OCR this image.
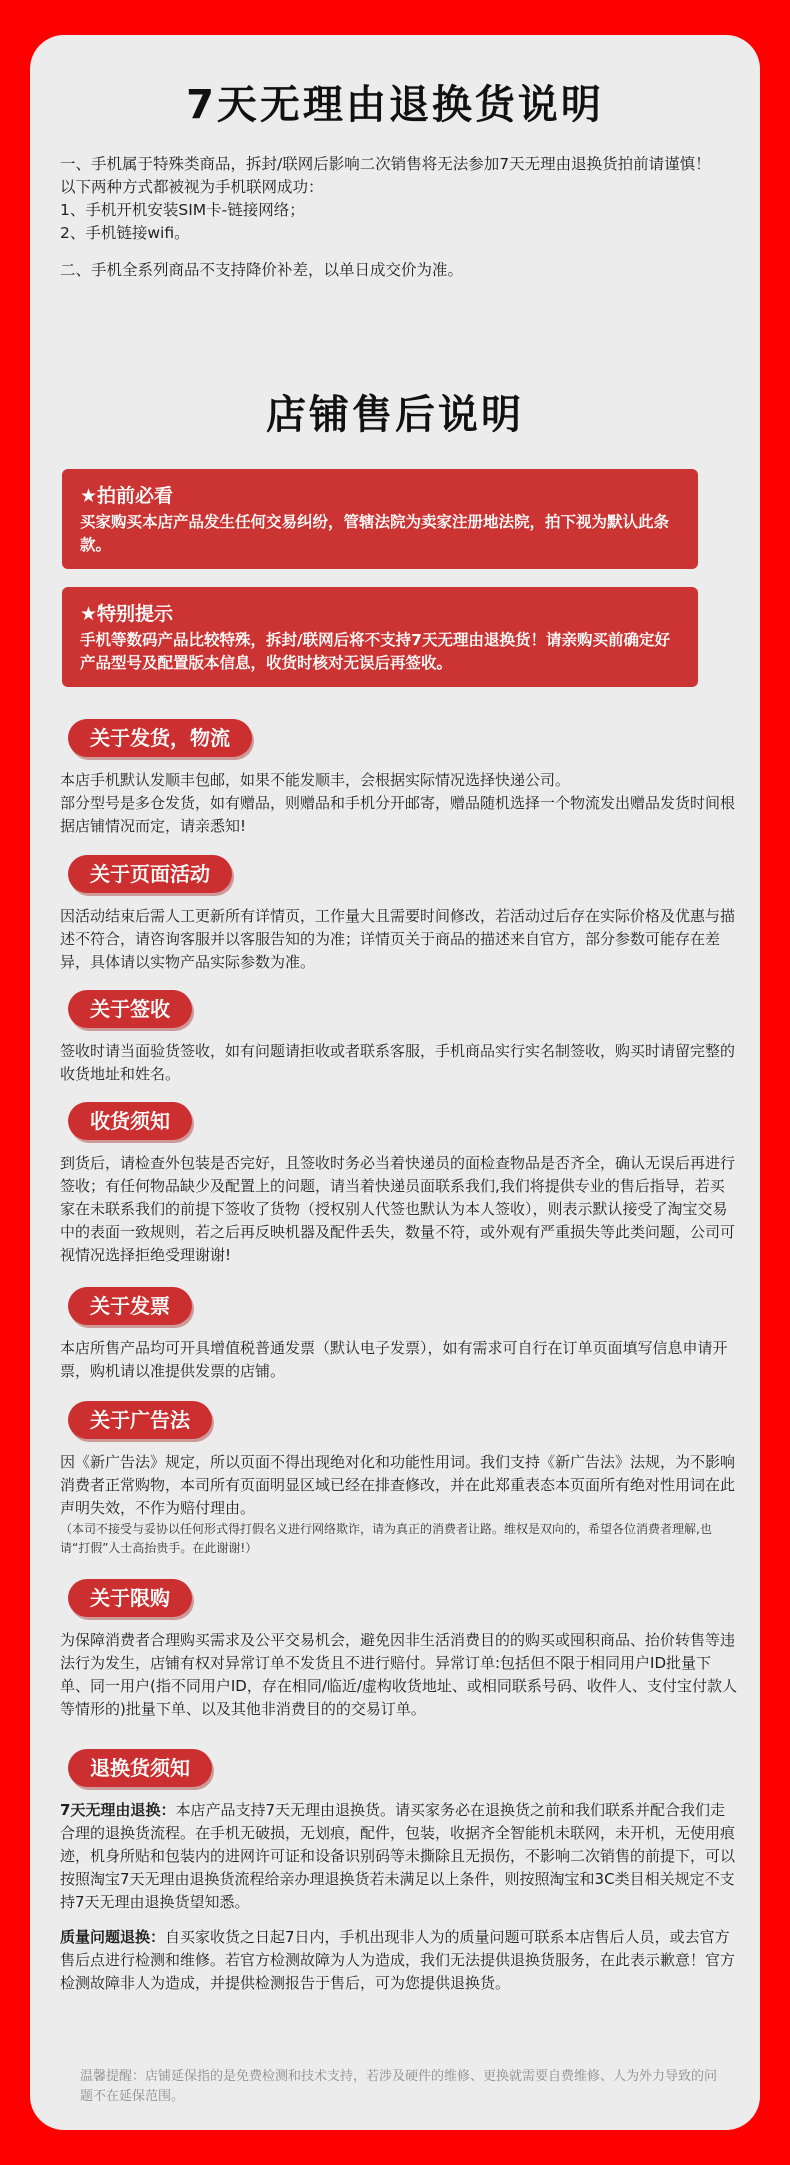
7天无理由退换货说明

一、手机属于特殊类商品，拆封/联网后影响二次销售将无法参加7天无理由退换货拍前请谨慎！

以下两种方式都被视为手机联网成功：

1、手机开机安装SIM卡-链接网络；

2、手机链接wifi。

二、手机全系列商品不支持降价补差，以单日成交价为准。

店铺售后说明
★拍前必看

买家购买本店产品发生任何交易纠纷，管辖法院为卖家注册地法院，拍下视为默认此条款。

★特别提示

手机等数码产品比较特殊，拆封/联网后将不支持7天无理由退换货！请亲购买前确定好产品型号及配置版本信息，收货时核对无误后再签收。

关于发货，物流

本店手机默认发顺丰包邮，如果不能发顺丰，会根据实际情况选择快递公司。

部分型号是多仓发货，如有赠品，则赠品和手机分开邮寄，赠品随机选择一个物流发出赠品发货时间根据店铺情况而定，请亲悉知!

关于页面活动

因活动结束后需人工更新所有详情页，工作量大且需要时间修改，若活动过后存在实际价格及优惠与描述不符合，请咨询客服并以客服告知的为准；详情页关于商品的描述来自官方，部分参数可能存在差异，具体请以实物产品实际参数为准。

关于签收

签收时请当面验货签收，如有问题请拒收或者联系客服，手机商品实行实名制签收，购买时请留完整的收货地址和姓名。

收货须知

到货后，请检查外包装是否完好，且签收时务必当着快递员的面检查物品是否齐全，确认无误后再进行签收；有任何物品缺少及配置上的问题，请当着快递员面联系我们,我们将提供专业的售后指导，若买家在未联系我们的前提下签收了货物（授权别人代签也默认为本人签收），则表示默认接受了淘宝交易中的表面一致规则，若之后再反映机器及配件丢失，数量不符，或外观有严重损失等此类问题，公司可视情况选择拒绝受理谢谢!

关于发票

本店所售产品均可开具增值税普通发票（默认电子发票），如有需求可自行在订单页面填写信息申请开票，购机请以准提供发票的店铺。

关于广告法

因《新广告法》规定，所以页面不得出现绝对化和功能性用词。我们支持《新广告法》法规，为不影响消费者正常购物，本司所有页面明显区域已经在排查修改，并在此郑重表态本页面所有绝对性用词在此声明失效，不作为赔付理由。

（本司不接受与妥协以任何形式得打假名义进行网络欺诈，请为真正的消费者让路。维权是双向的，希望各位消费者理解,也请“打假”人士高抬贵手。在此谢谢!）

关于限购

为保障消费者合理购买需求及公平交易机会，避免因非生活消费目的的购买或囤积商品、抬价转售等违法行为发生，店铺有权对异常订单不发货且不进行赔付。异常订单:包括但不限于相同用户ID批量下单、同一用户(指不同用户ID，存在相同/临近/虚构收货地址、或相同联系号码、收件人、支付宝付款人等情形的)批量下单、以及其他非消费目的的交易订单。

退换货须知

7天无理由退换：本店产品支持7天无理由退换货。请买家务必在退换货之前和我们联系并配合我们走合理的退换货流程。在手机无破损，无划痕，配件，包装，收据齐全智能机未联网，未开机，无使用痕迹，机身所贴和包装内的进网许可证和设备识别码等未撕除且无损伤，不影响二次销售的前提下，可以按照淘宝7天无理由退换货流程给亲办理退换货若未满足以上条件，则按照淘宝和3C类目相关规定不支持7天无理由退换货望知悉。

质量问题退换：自买家收货之日起7日内，手机出现非人为的质量问题可联系本店售后人员，或去官方售后点进行检测和维修。若官方检测故障为人为造成，我们无法提供退换货服务，在此表示歉意！官方检测故障非人为造成，并提供检测报告于售后，可为您提供退换货。

温馨提醒：店铺延保指的是免费检测和技术支持，若涉及硬件的维修、更换就需要自费维修、人为外力导致的问题不在延保范围。
